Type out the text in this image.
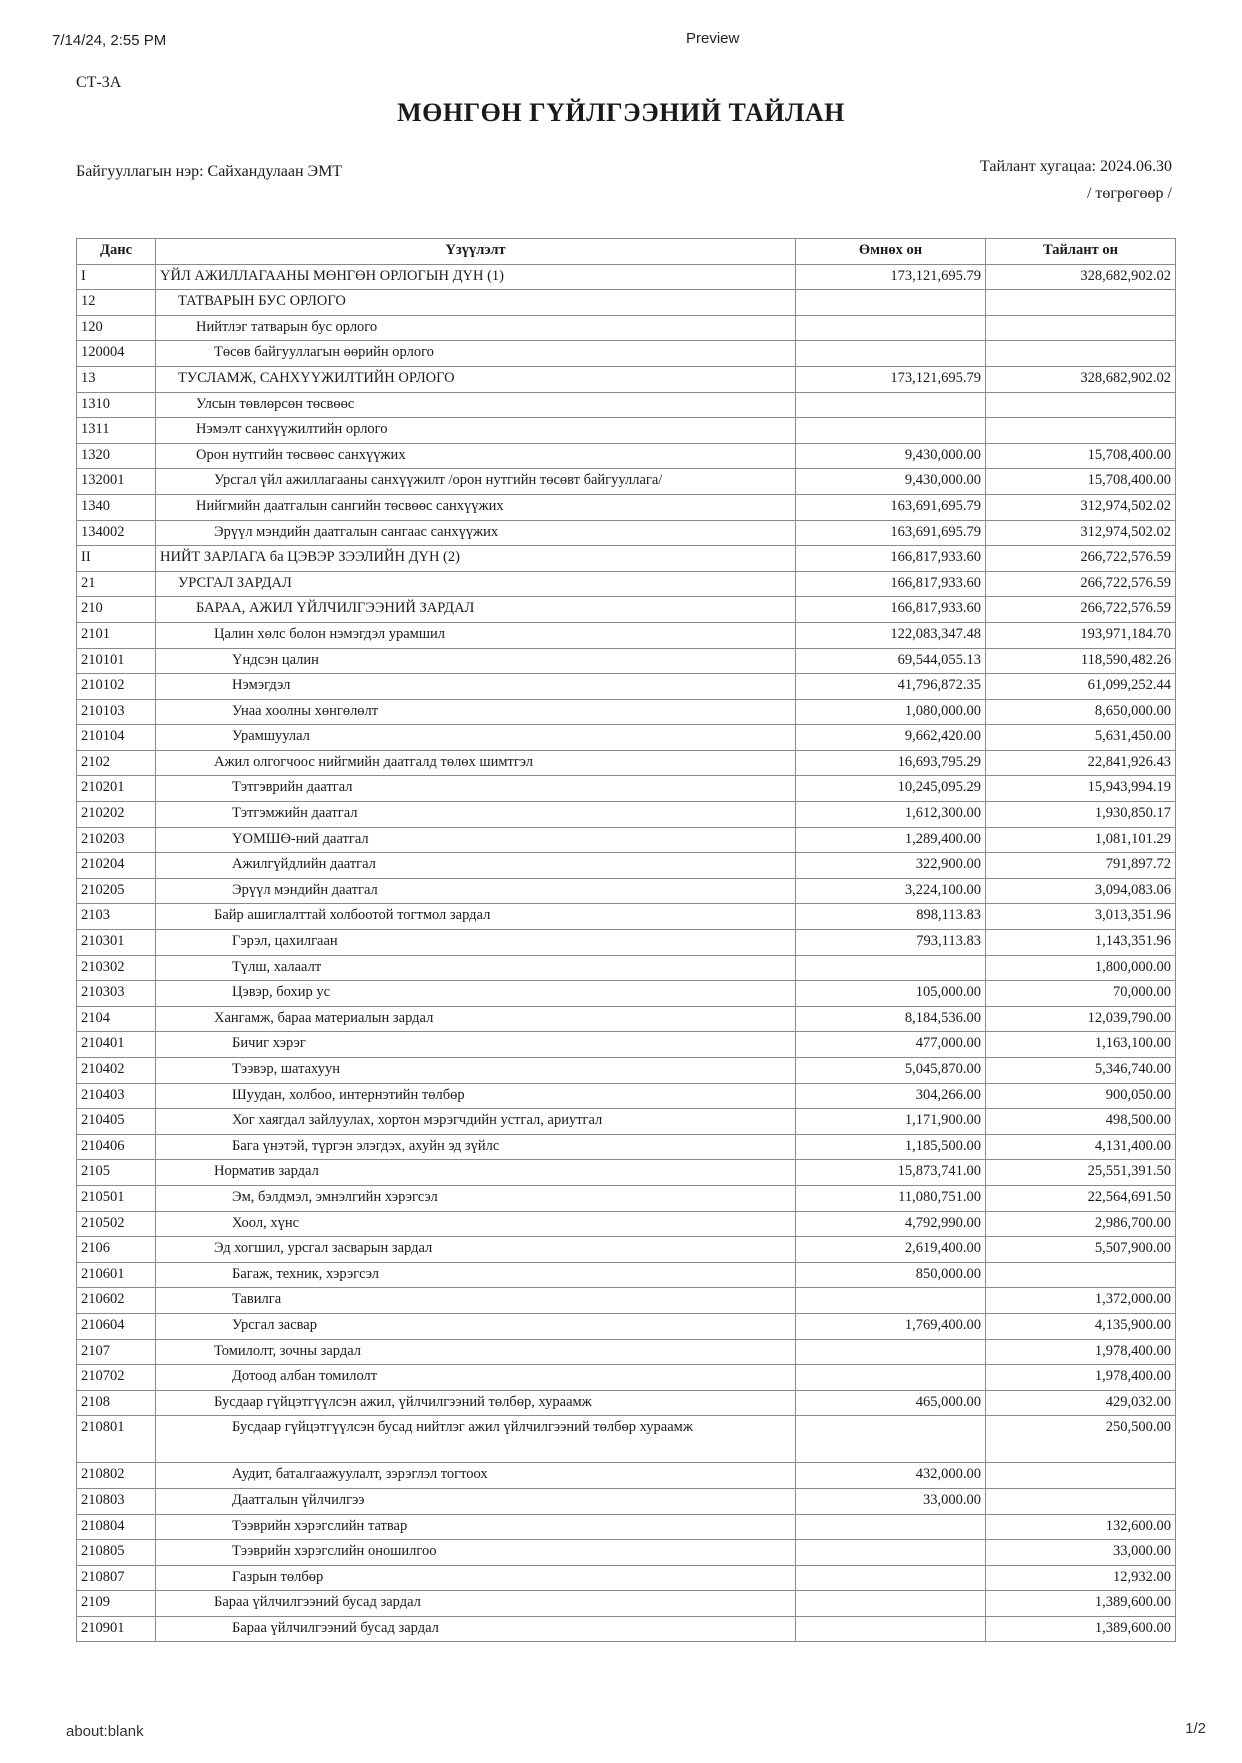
7/14/24, 2:55 PM	Preview
СТ-3А
МӨНГӨН ГҮЙЛГЭЭНИЙ ТАЙЛАН
Байгууллагын нэр: Сайхандулаан ЭМТ	Тайлант хугацаа: 2024.06.30
/ төгрөгөөр /
Данс	Үзүүлэлт	Өмнөх он	Тайлант он
I	ҮЙЛ АЖИЛЛАГААНЫ МӨНГӨН ОРЛОГЫН ДҮН (1)	173,121,695.79	328,682,902.02
12	ТАТВАРЫН БУС ОРЛОГО		
120	Нийтлэг татварын бус орлого		
120004	Төсөв байгууллагын өөрийн орлого		
13	ТУСЛАМЖ, САНХҮҮЖИЛТИЙН ОРЛОГО	173,121,695.79	328,682,902.02
1310	Улсын төвлөрсөн төсвөөс		
1311	Нэмэлт санхүүжилтийн орлого		
1320	Орон нутгийн төсвөөс санхүүжих	9,430,000.00	15,708,400.00
132001	Урсгал үйл ажиллагааны санхүүжилт /орон нутгийн төсөвт байгууллага/	9,430,000.00	15,708,400.00
1340	Нийгмийн даатгалын сангийн төсвөөс санхүүжих	163,691,695.79	312,974,502.02
134002	Эрүүл мэндийн даатгалын сангаас санхүүжих	163,691,695.79	312,974,502.02
II	НИЙТ ЗАРЛАГА ба ЦЭВЭР ЗЭЭЛИЙН ДҮН (2)	166,817,933.60	266,722,576.59
21	УРСГАЛ ЗАРДАЛ	166,817,933.60	266,722,576.59
210	БАРАА, АЖИЛ ҮЙЛЧИЛГЭЭНИЙ ЗАРДАЛ	166,817,933.60	266,722,576.59
2101	Цалин хөлс болон нэмэгдэл урамшил	122,083,347.48	193,971,184.70
210101	Үндсэн цалин	69,544,055.13	118,590,482.26
210102	Нэмэгдэл	41,796,872.35	61,099,252.44
210103	Унаа хоолны хөнгөлөлт	1,080,000.00	8,650,000.00
210104	Урамшуулал	9,662,420.00	5,631,450.00
2102	Ажил олгогчоос нийгмийн даатгалд төлөх шимтгэл	16,693,795.29	22,841,926.43
210201	Тэтгэврийн даатгал	10,245,095.29	15,943,994.19
210202	Тэтгэмжийн даатгал	1,612,300.00	1,930,850.17
210203	ҮОМШӨ-ний даатгал	1,289,400.00	1,081,101.29
210204	Ажилгүйдлийн даатгал	322,900.00	791,897.72
210205	Эрүүл мэндийн даатгал	3,224,100.00	3,094,083.06
2103	Байр ашиглалттай холбоотой тогтмол зардал	898,113.83	3,013,351.96
210301	Гэрэл, цахилгаан	793,113.83	1,143,351.96
210302	Түлш, халаалт		1,800,000.00
210303	Цэвэр, бохир ус	105,000.00	70,000.00
2104	Хангамж, бараа материалын зардал	8,184,536.00	12,039,790.00
210401	Бичиг хэрэг	477,000.00	1,163,100.00
210402	Тээвэр, шатахуун	5,045,870.00	5,346,740.00
210403	Шуудан, холбоо, интернэтийн төлбөр	304,266.00	900,050.00
210405	Хог хаягдал зайлуулах, хортон мэрэгчдийн устгал, ариутгал	1,171,900.00	498,500.00
210406	Бага үнэтэй, түргэн элэгдэх, ахуйн эд зүйлс	1,185,500.00	4,131,400.00
2105	Норматив зардал	15,873,741.00	25,551,391.50
210501	Эм, бэлдмэл, эмнэлгийн хэрэгсэл	11,080,751.00	22,564,691.50
210502	Хоол, хүнс	4,792,990.00	2,986,700.00
2106	Эд хогшил, урсгал засварын зардал	2,619,400.00	5,507,900.00
210601	Багаж, техник, хэрэгсэл	850,000.00	
210602	Тавилга		1,372,000.00
210604	Урсгал засвар	1,769,400.00	4,135,900.00
2107	Томилолт, зочны зардал		1,978,400.00
210702	Дотоод албан томилолт		1,978,400.00
2108	Бусдаар гүйцэтгүүлсэн ажил, үйлчилгээний төлбөр, хураамж	465,000.00	429,032.00
210801	Бусдаар гүйцэтгүүлсэн бусад нийтлэг ажил үйлчилгээний төлбөр хураамж		250,500.00
210802	Аудит, баталгаажуулалт, зэрэглэл тогтоох	432,000.00	
210803	Даатгалын үйлчилгээ	33,000.00	
210804	Тээврийн хэрэгслийн татвар		132,600.00
210805	Тээврийн хэрэгслийн оношилгоо		33,000.00
210807	Газрын төлбөр		12,932.00
2109	Бараа үйлчилгээний бусад зардал		1,389,600.00
210901	Бараа үйлчилгээний бусад зардал		1,389,600.00
about:blank	1/2
